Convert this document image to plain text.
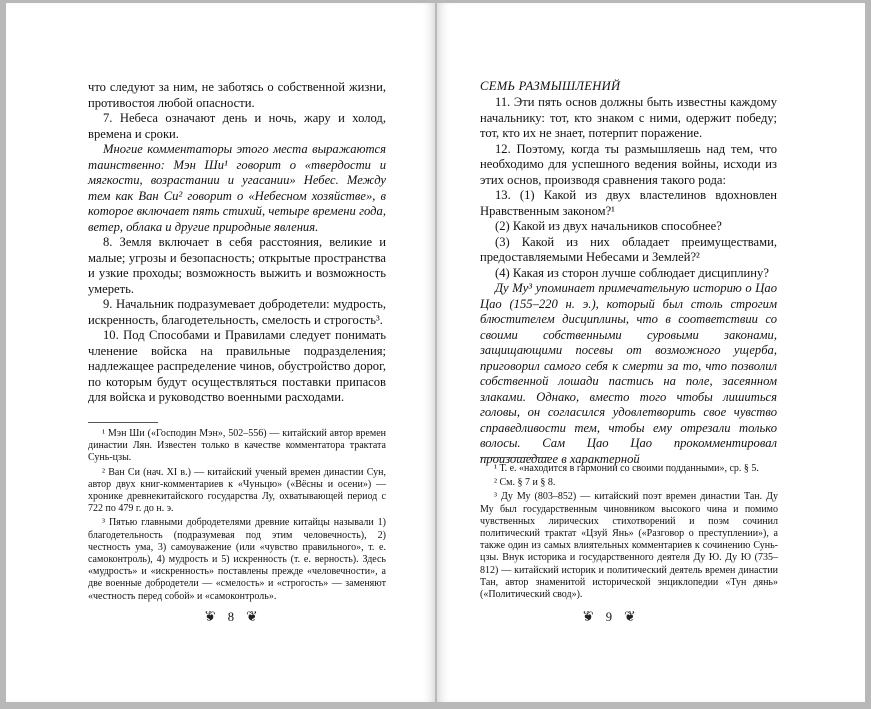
что следуют за ним, не заботясь о собственной жизни, противостоя любой опасности.

7. Небеса означают день и ночь, жару и холод, времена и сроки.

Многие комментаторы этого места выражаются таинственно: Мэн Ши¹ говорит о «твердости и мягкости, возрастании и угасании» Небес. Между тем как Ван Си² говорит о «Небесном хозяйстве», в которое включает пять стихий, четыре времени года, ветер, облака и другие природные явления.

8. Земля включает в себя расстояния, великие и малые; угрозы и безопасность; открытые пространства и узкие проходы; возможность выжить и возможность умереть.

9. Начальник подразумевает добродетели: мудрость, искренность, благодетельность, смелость и строгость³.

10. Под Способами и Правилами следует понимать членение войска на правильные подразделения; надлежащее распределение чинов, обустройство дорог, по которым будут осуществляться поставки припасов для войска и руководство военными расходами.

¹ Мэн Ши («Господин Мэн», 502–556) — китайский автор времен династии Лян. Известен только в качестве комментатора трактата Сунь-цзы.

² Ван Си (нач. XI в.) — китайский ученый времен династии Сун, автор двух книг-комментариев к «Чуньцю» («Вёсны и осени») — хронике древнекитайского государства Лу, охватывающей период с 722 по 479 г. до н. э.

³ Пятью главными добродетелями древние китайцы называли 1) благодетельность (подразумевая под этим человечность), 2) честность ума, 3) самоуважение (или «чувство правильного», т. е. самоконтроль), 4) мудрость и 5) искренность (т. е. верность). Здесь «мудрость» и «искренность» поставлены прежде «человечности», а две военные добродетели — «смелость» и «строгость» — заменяют «честность перед собой» и «самоконтроль».

❦ 8 ❦
СЕМЬ РАЗМЫШЛЕНИЙ

11. Эти пять основ должны быть известны каждому начальнику: тот, кто знаком с ними, одержит победу; тот, кто их не знает, потерпит поражение.

12. Поэтому, когда ты размышляешь над тем, что необходимо для успешного ведения войны, исходи из этих основ, производя сравнения такого рода:

13. (1) Какой из двух властелинов вдохновлен Нравственным законом?¹

(2) Какой из двух начальников способнее?

(3) Какой из них обладает преимуществами, предоставляемыми Небесами и Землей?²

(4) Какая из сторон лучше соблюдает дисциплину?

Ду Му³ упоминает примечательную историю о Цао Цао (155–220 н. э.), который был столь строгим блюстителем дисциплины, что в соответствии со своими собственными суровыми законами, защищающими посевы от возможного ущерба, приговорил самого себя к смерти за то, что позволил собственной лошади пастись на поле, засеянном злаками. Однако, вместо того чтобы лишиться головы, он согласился удовлетворить свое чувство справедливости тем, чтобы ему отрезали только волосы. Сам Цао Цао прокомментировал произошедшее в характерной

¹ Т. е. «находится в гармонии со своими подданными», ср. § 5.

² См. § 7 и § 8.

³ Ду Му (803–852) — китайский поэт времен династии Тан. Ду Му был государственным чиновником высокого чина и помимо чувственных лирических стихотворений и поэм сочинил политический трактат «Цзуй Янь» («Разговор о преступлении»), а также один из самых влиятельных комментариев к сочинению Сунь-цзы. Внук историка и государственного деятеля Ду Ю. Ду Ю (735–812) — китайский историк и политический деятель времен династии Тан, автор знаменитой исторической энциклопедии «Тун дянь» («Политический свод»).

❦ 9 ❦
